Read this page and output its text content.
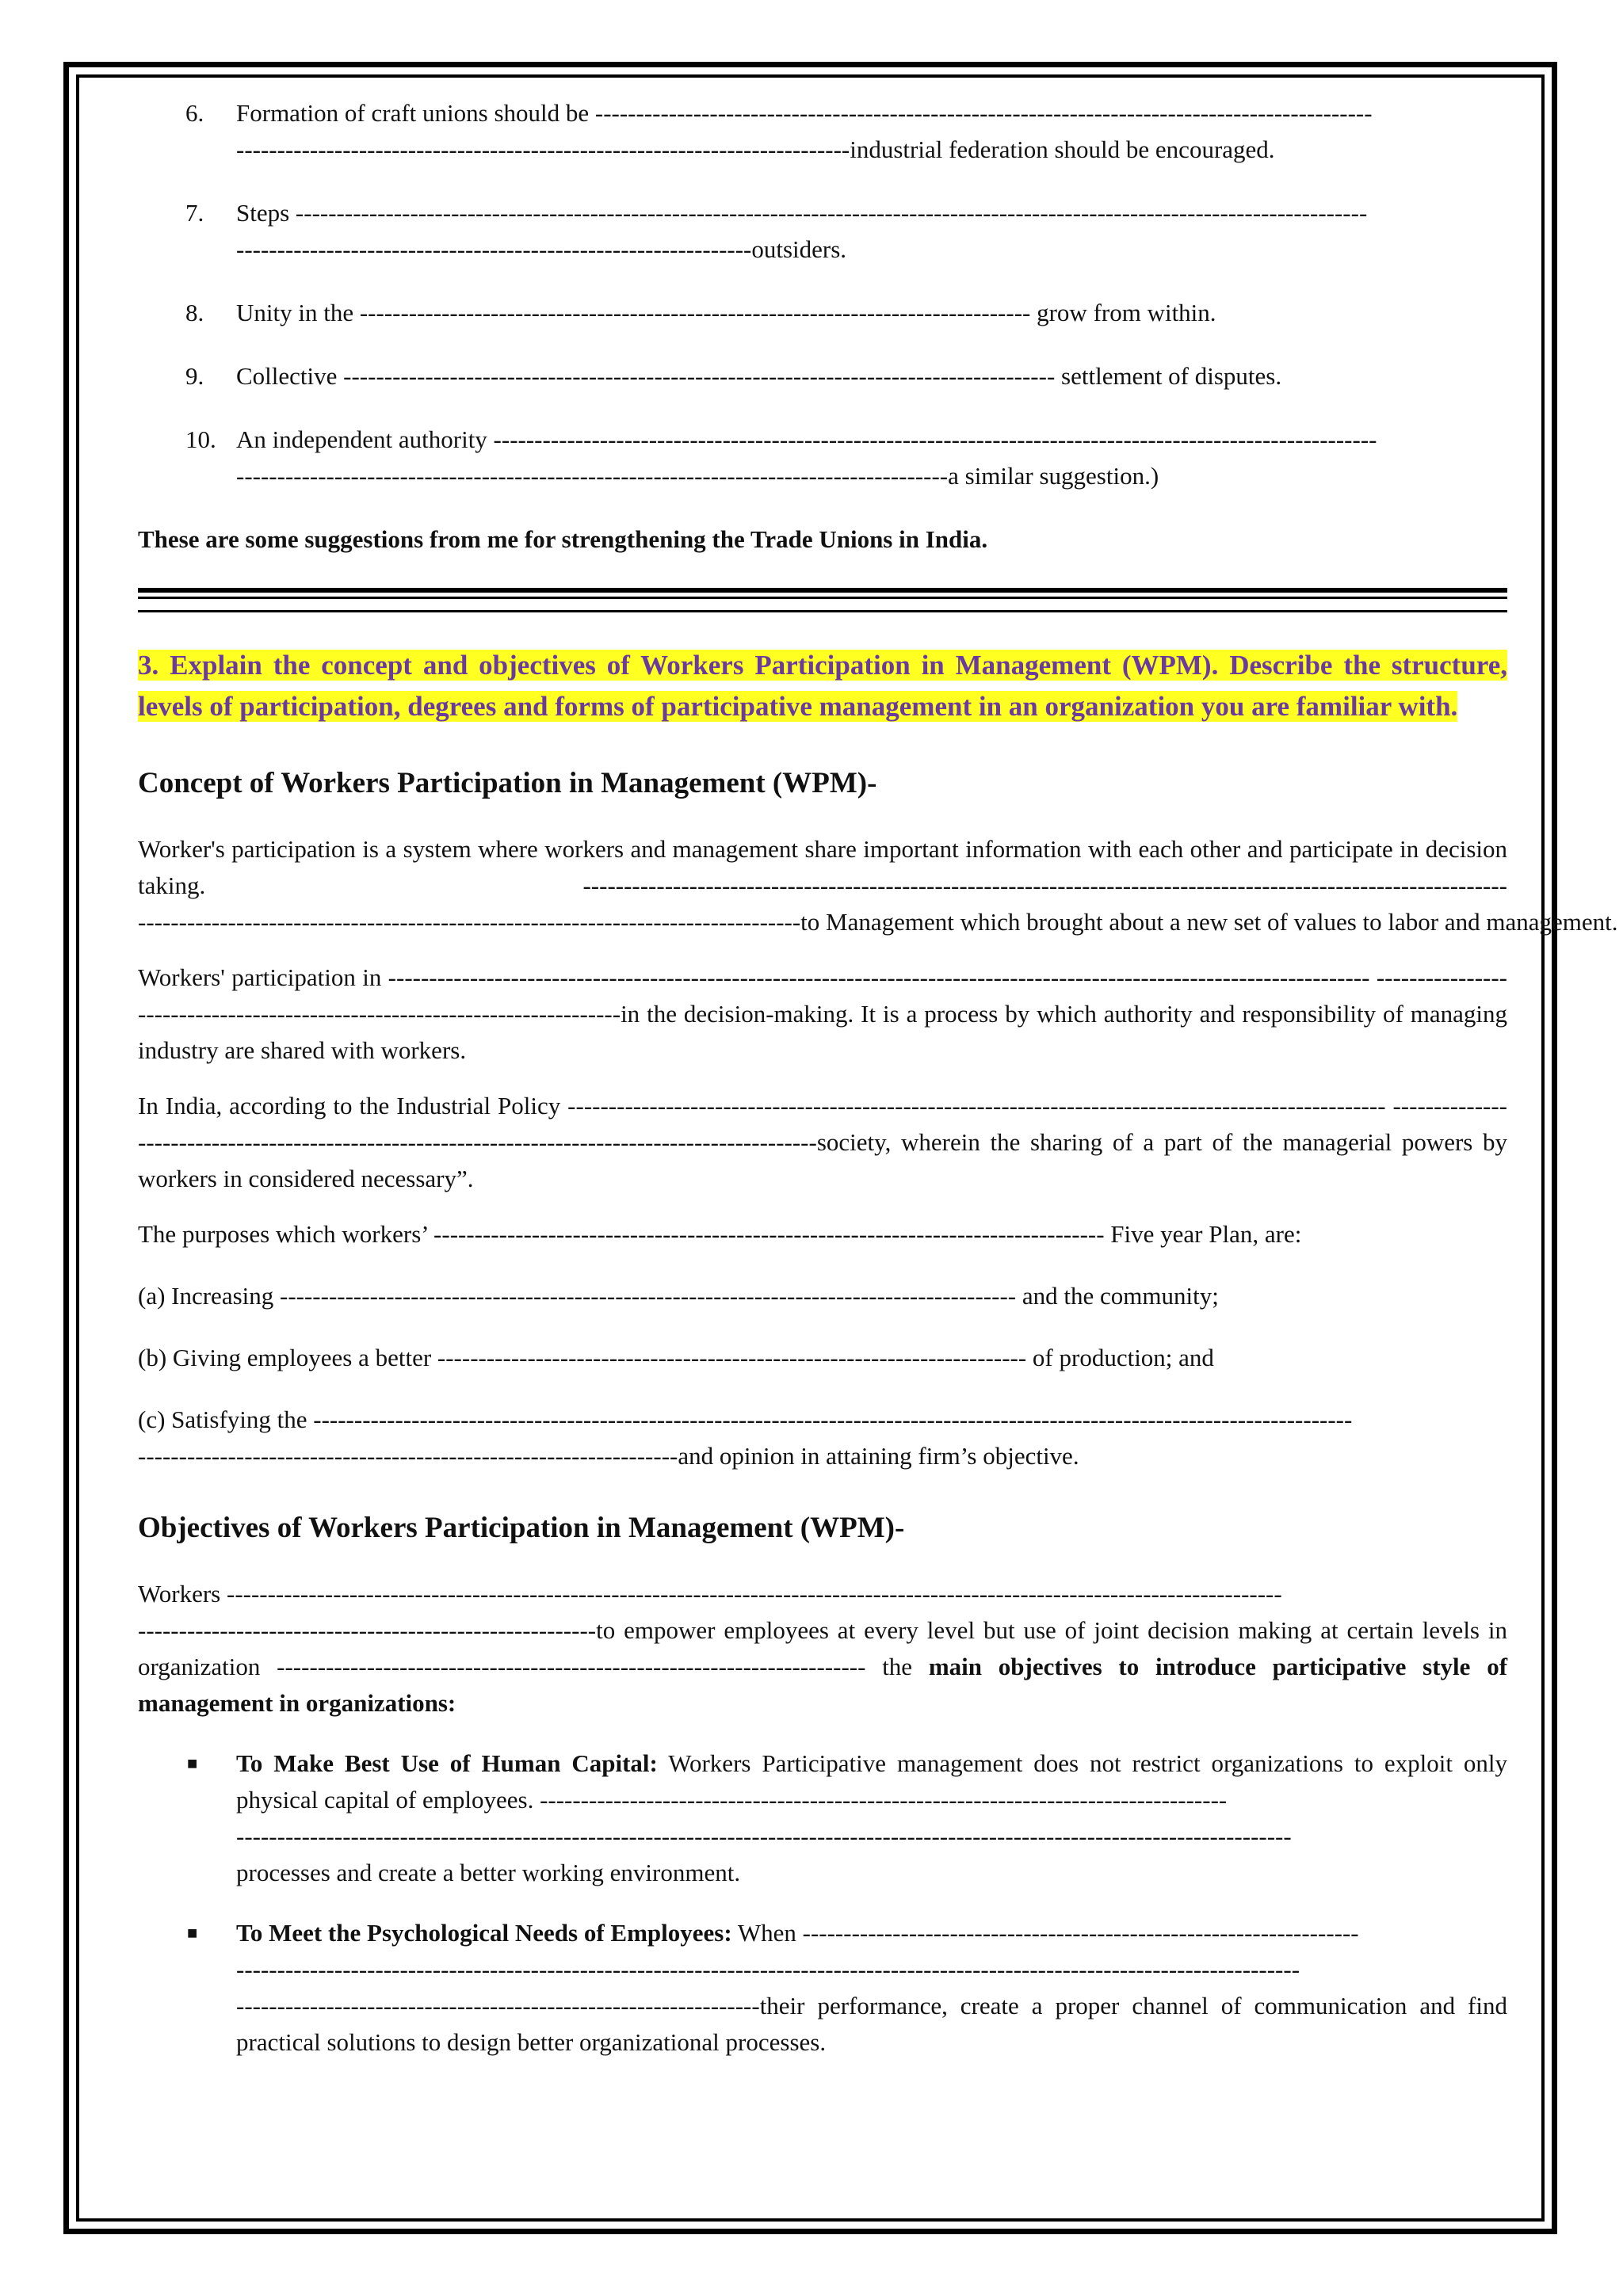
6.	Formation of craft unions should be -----------------------------------------------------------------------------------------------
---------------------------------------------------------------------------industrial federation should be encouraged.
7.	Steps -----------------------------------------------------------------------------------------------------------------------------------
---------------------------------------------------------------outsiders.
8.	Unity in the ---------------------------------------------------------------------------------- grow from within.
9.	Collective --------------------------------------------------------------------------------------- settlement of disputes.
10. An independent authority ------------------------------------------------------------------------------------------------------------
---------------------------------------------------------------------------------------a similar suggestion.)
These are some suggestions from me for strengthening the Trade Unions in India.
3. Explain the concept and objectives of Workers Participation in Management (WPM). Describe the structure, levels of participation, degrees and forms of participative management in an organization you are familiar with.
Concept of Workers Participation in Management (WPM)-

Worker's participation is a system where workers and management share important information with each other and participate in decision taking. ----------------------------------------------------------------------------------------------------------------- ---------------------------------------------------------------------------------to Management which brought about a new set of values to labor and management.

Workers' participation in ------------------------------------------------------------------------------------------------------------------------ ---------------------------------------------------------------------------in the decision-making. It is a process by which authority and responsibility of managing industry are shared with workers.

In India, according to the Industrial Policy ---------------------------------------------------------------------------------------------------- -------------------------------------------------------------------------------------------------society, wherein the sharing of a part of the managerial powers by workers in considered necessary”.

The purposes which workers’ ---------------------------------------------------------------------------------- Five year Plan, are:

(a) Increasing ------------------------------------------------------------------------------------------ and the community;

(b) Giving employees a better ------------------------------------------------------------------------ of production; and

(c) Satisfying the -------------------------------------------------------------------------------------------------------------------------------
------------------------------------------------------------------and opinion in attaining firm’s objective.

Objectives of Workers Participation in Management (WPM)-

Workers ---------------------------------------------------------------------------------------------------------------------------------
--------------------------------------------------------to empower employees at every level but use of joint decision making at certain levels in organization ------------------------------------------------------------------------ the main objectives to introduce participative style of management in organizations:

■ To Make Best Use of Human Capital: Workers Participative management does not restrict organizations to exploit only physical capital of employees. ------------------------------------------------------------------------------------
---------------------------------------------------------------------------------------------------------------------------------
processes and create a better working environment.
■ To Meet the Psychological Needs of Employees: When --------------------------------------------------------------------
----------------------------------------------------------------------------------------------------------------------------------
----------------------------------------------------------------their performance, create a proper channel of communication and find practical solutions to design better organizational processes.
